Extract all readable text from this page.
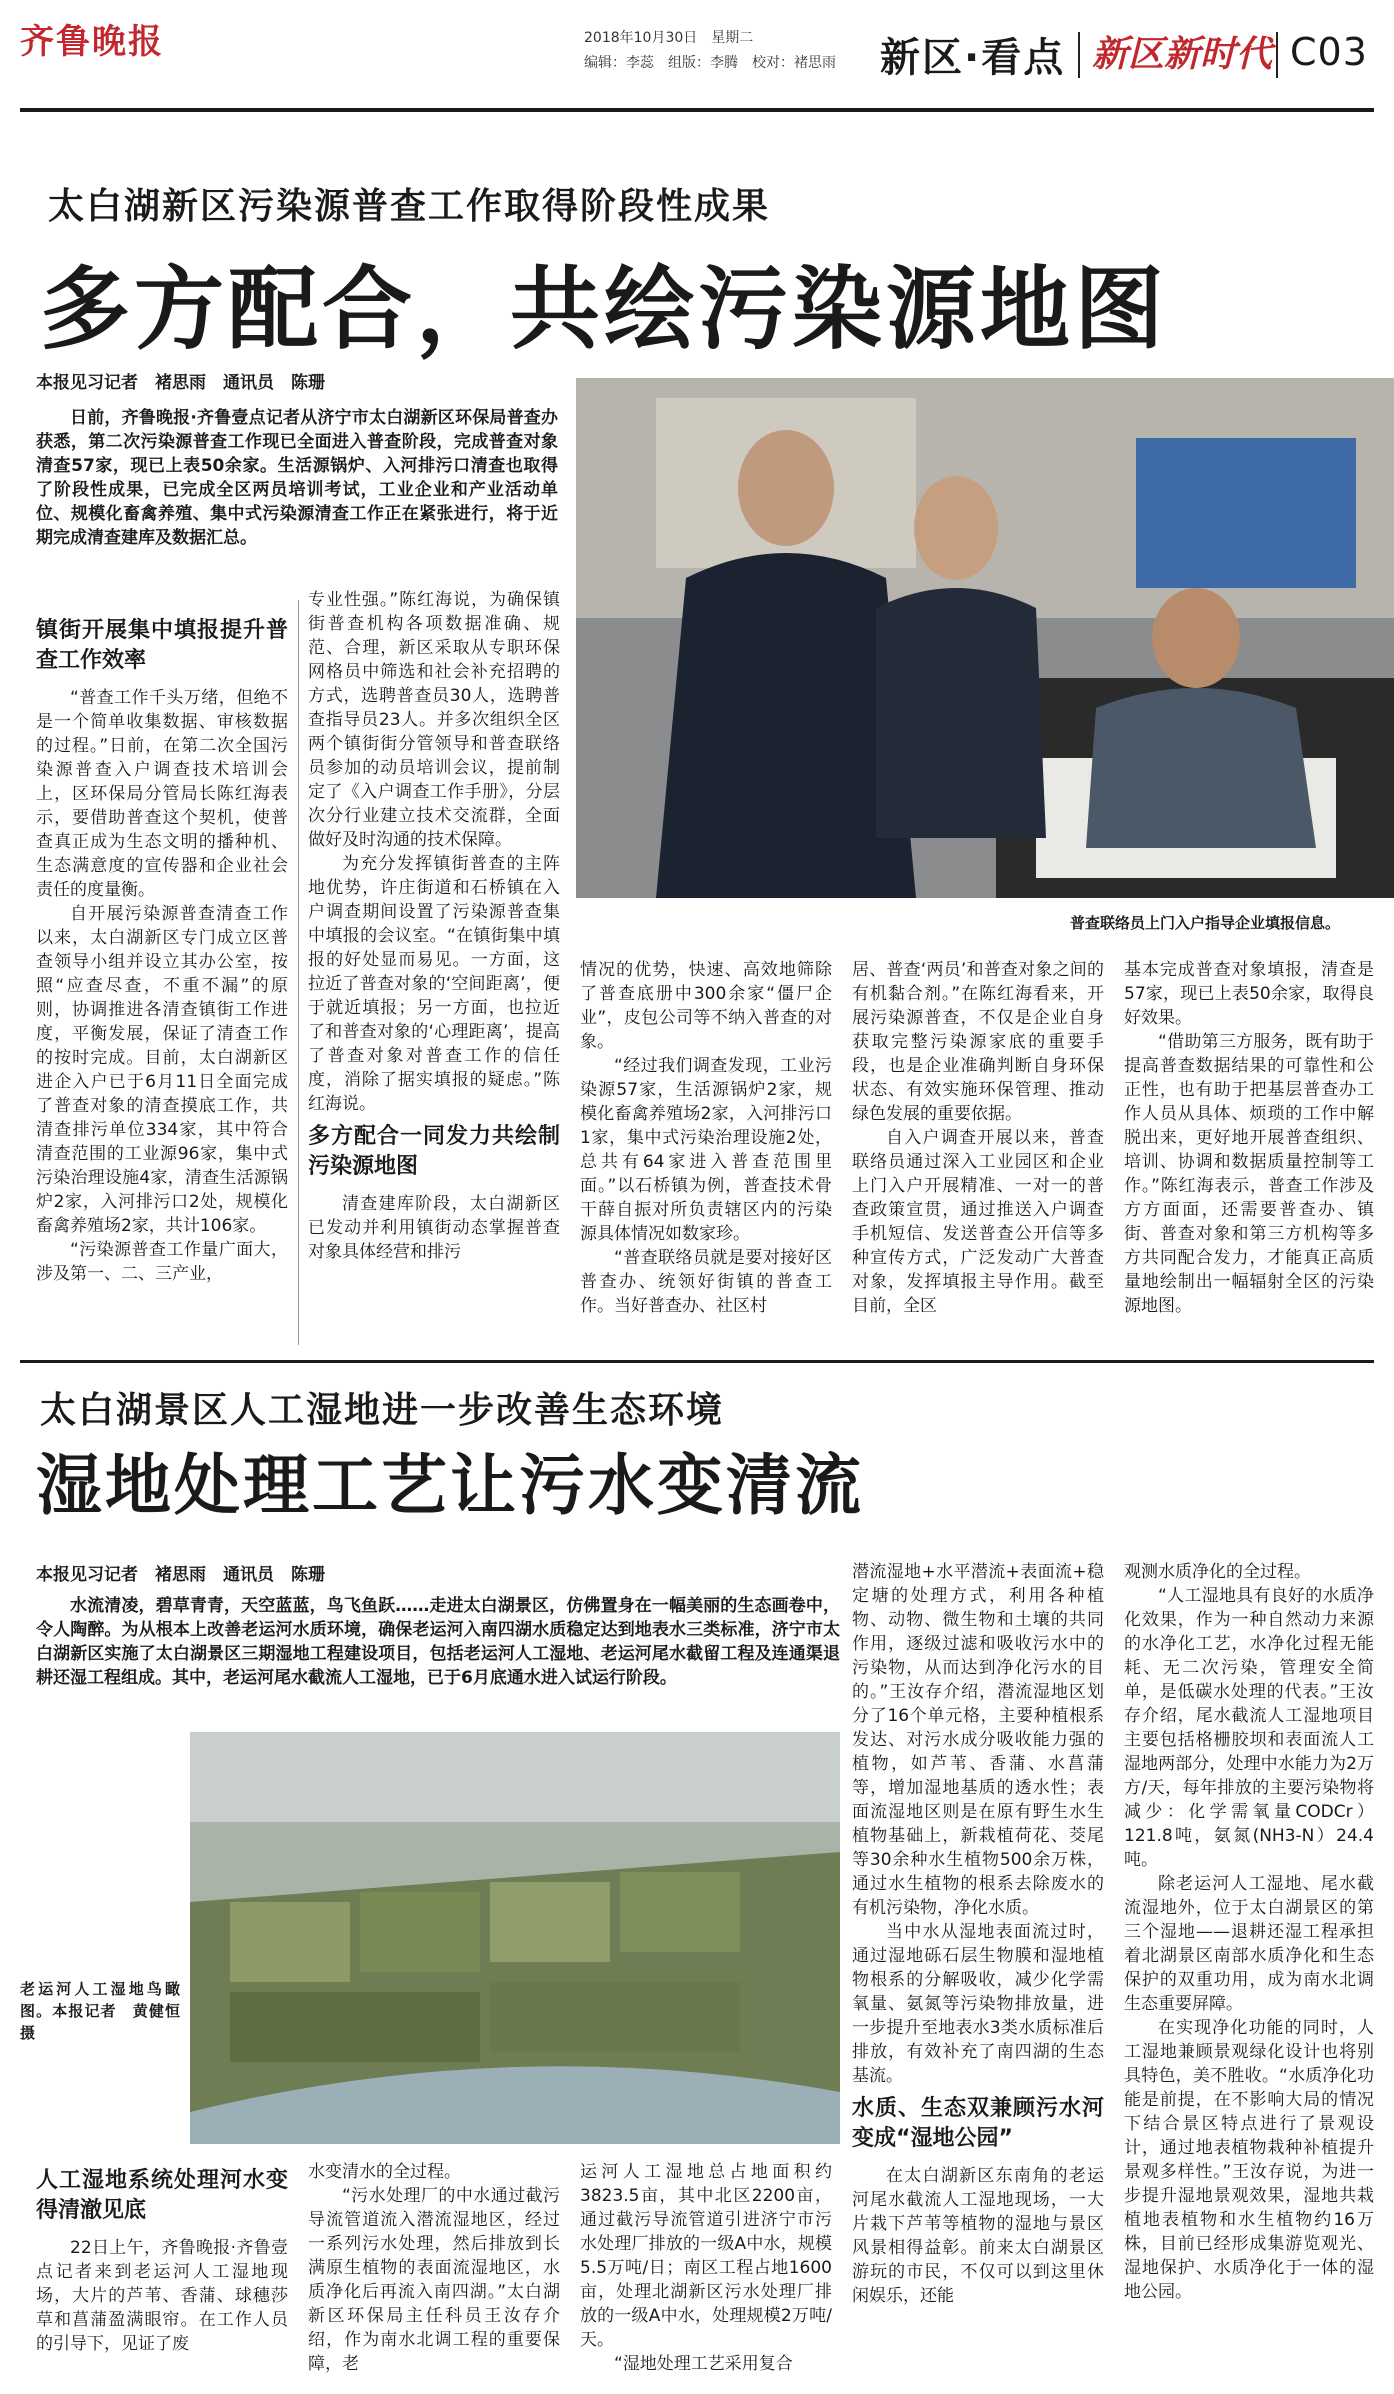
齐鲁晚报	2018年10月30日　 星期二
编辑：李蕊　组版：李腾　校对：褚思雨 新区·看点 新区新时代 C03
太白湖新区污染源普查工作取得阶段性成果
多方配合，共绘污染源地图
本报见习记者　褚思雨　通讯员　陈珊
日前，齐鲁晚报·齐鲁壹点记者从济宁市太白湖新区环保局普查办获悉，第二次污染源普查工作现已全面进入普查阶段，完成普查对象清查57家，现已上表50余家。生活源锅炉、入河排污口清查也取得了阶段性成果，已完成全区两员培训考试，工业企业和产业活动单位、规模化畜禽养殖、集中式污染源清查工作正在紧张进行，将于近期完成清查建库及数据汇总。
普查联络员上门入户指导企业填报信息。

镇街开展集中填报提升普查工作效率

“普查工作千头万绪，但绝不是一个简单收集数据、审核数据的过程。”日前，在第二次全国污染源普查入户调查技术培训会上，区环保局分管局长陈红海表示，要借助普查这个契机，使普查真正成为生态文明的播种机、生态满意度的宣传器和企业社会责任的度量衡。

自开展污染源普查清查工作以来，太白湖新区专门成立区普查领导小组并设立其办公室，按照“应查尽查，不重不漏”的原则，协调推进各清查镇街工作进度，平衡发展，保证了清查工作的按时完成。目前，太白湖新区进企入户已于6月11日全面完成了普查对象的清查摸底工作，共清查排污单位334家，其中符合清查范围的工业源96家，集中式污染治理设施4家，清查生活源锅炉2家，入河排污口2处，规模化畜禽养殖场2家，共计106家。

“污染源普查工作量广面大，涉及第一、二、三产业，

专业性强。”陈红海说，为确保镇街普查机构各项数据准确、规范、合理，新区采取从专职环保网格员中筛选和社会补充招聘的方式，选聘普查员30人，选聘普查指导员23人。并多次组织全区两个镇街街分管领导和普查联络员参加的动员培训会议，提前制定了《入户调查工作手册》，分层次分行业建立技术交流群，全面做好及时沟通的技术保障。

为充分发挥镇街普查的主阵地优势，许庄街道和石桥镇在入户调查期间设置了污染源普查集中填报的会议室。“在镇街集中填报的好处显而易见。一方面，这拉近了普查对象的‘空间距离’，便于就近填报；另一方面，也拉近了和普查对象的‘心理距离’，提高了普查对象对普查工作的信任度，消除了据实填报的疑虑。”陈红海说。

多方配合一同发力共绘制污染源地图

清查建库阶段，太白湖新区已发动并利用镇街动态掌握普查对象具体经营和排污

情况的优势，快速、高效地筛除了普查底册中300余家“僵尸企业”，皮包公司等不纳入普查的对象。

“经过我们调查发现，工业污染源57家，生活源锅炉2家，规模化畜禽养殖场2家，入河排污口1家，集中式污染治理设施2处，总共有64家进入普查范围里面。”以石桥镇为例，普查技术骨干薛自振对所负责辖区内的污染源具体情况如数家珍。

“普查联络员就是要对接好区普查办、统领好街镇的普查工作。当好普查办、社区村

居、普查‘两员’和普查对象之间的有机黏合剂。”在陈红海看来，开展污染源普查，不仅是企业自身获取完整污染源家底的重要手段，也是企业准确判断自身环保状态、有效实施环保管理、推动绿色发展的重要依据。

自入户调查开展以来，普查联络员通过深入工业园区和企业上门入户开展精准、一对一的普查政策宣贯，通过推送入户调查手机短信、发送普查公开信等多种宣传方式，广泛发动广大普查对象，发挥填报主导作用。截至目前，全区

基本完成普查对象填报，清查是57家，现已上表50余家，取得良好效果。

“借助第三方服务，既有助于提高普查数据结果的可靠性和公正性，也有助于把基层普查办工作人员从具体、烦琐的工作中解脱出来，更好地开展普查组织、培训、协调和数据质量控制等工作。”陈红海表示，普查工作涉及方方面面，还需要普查办、镇街、普查对象和第三方机构等多方共同配合发力，才能真正高质量地绘制出一幅辐射全区的污染源地图。

太白湖景区人工湿地进一步改善生态环境
湿地处理工艺让污水变清流
本报见习记者　褚思雨　通讯员　陈珊
水流清凌，碧草青青，天空蓝蓝，鸟飞鱼跃……走进太白湖景区，仿佛置身在一幅美丽的生态画卷中，令人陶醉。为从根本上改善老运河水质环境，确保老运河入南四湖水质稳定达到地表水三类标准，济宁市太白湖新区实施了太白湖景区三期湿地工程建设项目，包括老运河人工湿地、老运河尾水截留工程及连通渠退耕还湿工程组成。其中，老运河尾水截流人工湿地，已于6月底通水进入试运行阶段。
老运河人工湿地鸟瞰图。本报记者　黄健恒摄

人工湿地系统处理河水变得清澈见底

22日上午，齐鲁晚报·齐鲁壹点记者来到老运河人工湿地现场，大片的芦苇、香蒲、球穗莎草和菖蒲盈满眼帘。在工作人员的引导下，见证了废

水变清水的全过程。

“污水处理厂的中水通过截污导流管道流入潜流湿地区，经过一系列污水处理，然后排放到长满原生植物的表面流湿地区，水质净化后再流入南四湖。”太白湖新区环保局主任科员王汝存介绍，作为南水北调工程的重要保障，老

运河人工湿地总占地面积约3823.5亩，其中北区2200亩，通过截污导流管道引进济宁市污水处理厂排放的一级A中水，规模5.5万吨/日；南区工程占地1600亩，处理北湖新区污水处理厂排放的一级A中水，处理规模2万吨/天。

“湿地处理工艺采用复合

潜流湿地+水平潜流+表面流+稳定塘的处理方式，利用各种植物、动物、微生物和土壤的共同作用，逐级过滤和吸收污水中的污染物，从而达到净化污水的目的。”王汝存介绍，潜流湿地区划分了16个单元格，主要种植根系发达、对污水成分吸收能力强的植物，如芦苇、香蒲、水菖蒲等，增加湿地基质的透水性；表面流湿地区则是在原有野生水生植物基础上，新栽植荷花、茭尾等30余种水生植物500余万株，通过水生植物的根系去除废水的有机污染物，净化水质。

当中水从湿地表面流过时，通过湿地砾石层生物膜和湿地植物根系的分解吸收，减少化学需氧量、氨氮等污染物排放量，进一步提升至地表水3类水质标准后排放，有效补充了南四湖的生态基流。

水质、生态双兼顾污水河变成“湿地公园”

在太白湖新区东南角的老运河尾水截流人工湿地现场，一大片栽下芦苇等植物的湿地与景区风景相得益彰。前来太白湖景区游玩的市民，不仅可以到这里休闲娱乐，还能

观测水质净化的全过程。

“人工湿地具有良好的水质净化效果，作为一种自然动力来源的水净化工艺，水净化过程无能耗、无二次污染，管理安全简单，是低碳水处理的代表。”王汝存介绍，尾水截流人工湿地项目主要包括格栅胶坝和表面流人工湿地两部分，处理中水能力为2万方/天，每年排放的主要污染物将减少：化学需氧量CODCr）121.8吨，氨氮(NH3-N）24.4吨。

除老运河人工湿地、尾水截流湿地外，位于太白湖景区的第三个湿地——退耕还湿工程承担着北湖景区南部水质净化和生态保护的双重功用，成为南水北调生态重要屏障。

在实现净化功能的同时，人工湿地兼顾景观绿化设计也将别具特色，美不胜收。“水质净化功能是前提，在不影响大局的情况下结合景区特点进行了景观设计，通过地表植物栽种补植提升景观多样性。”王汝存说，为进一步提升湿地景观效果，湿地共栽植地表植物和水生植物约16万株，目前已经形成集游览观光、湿地保护、水质净化于一体的湿地公园。
